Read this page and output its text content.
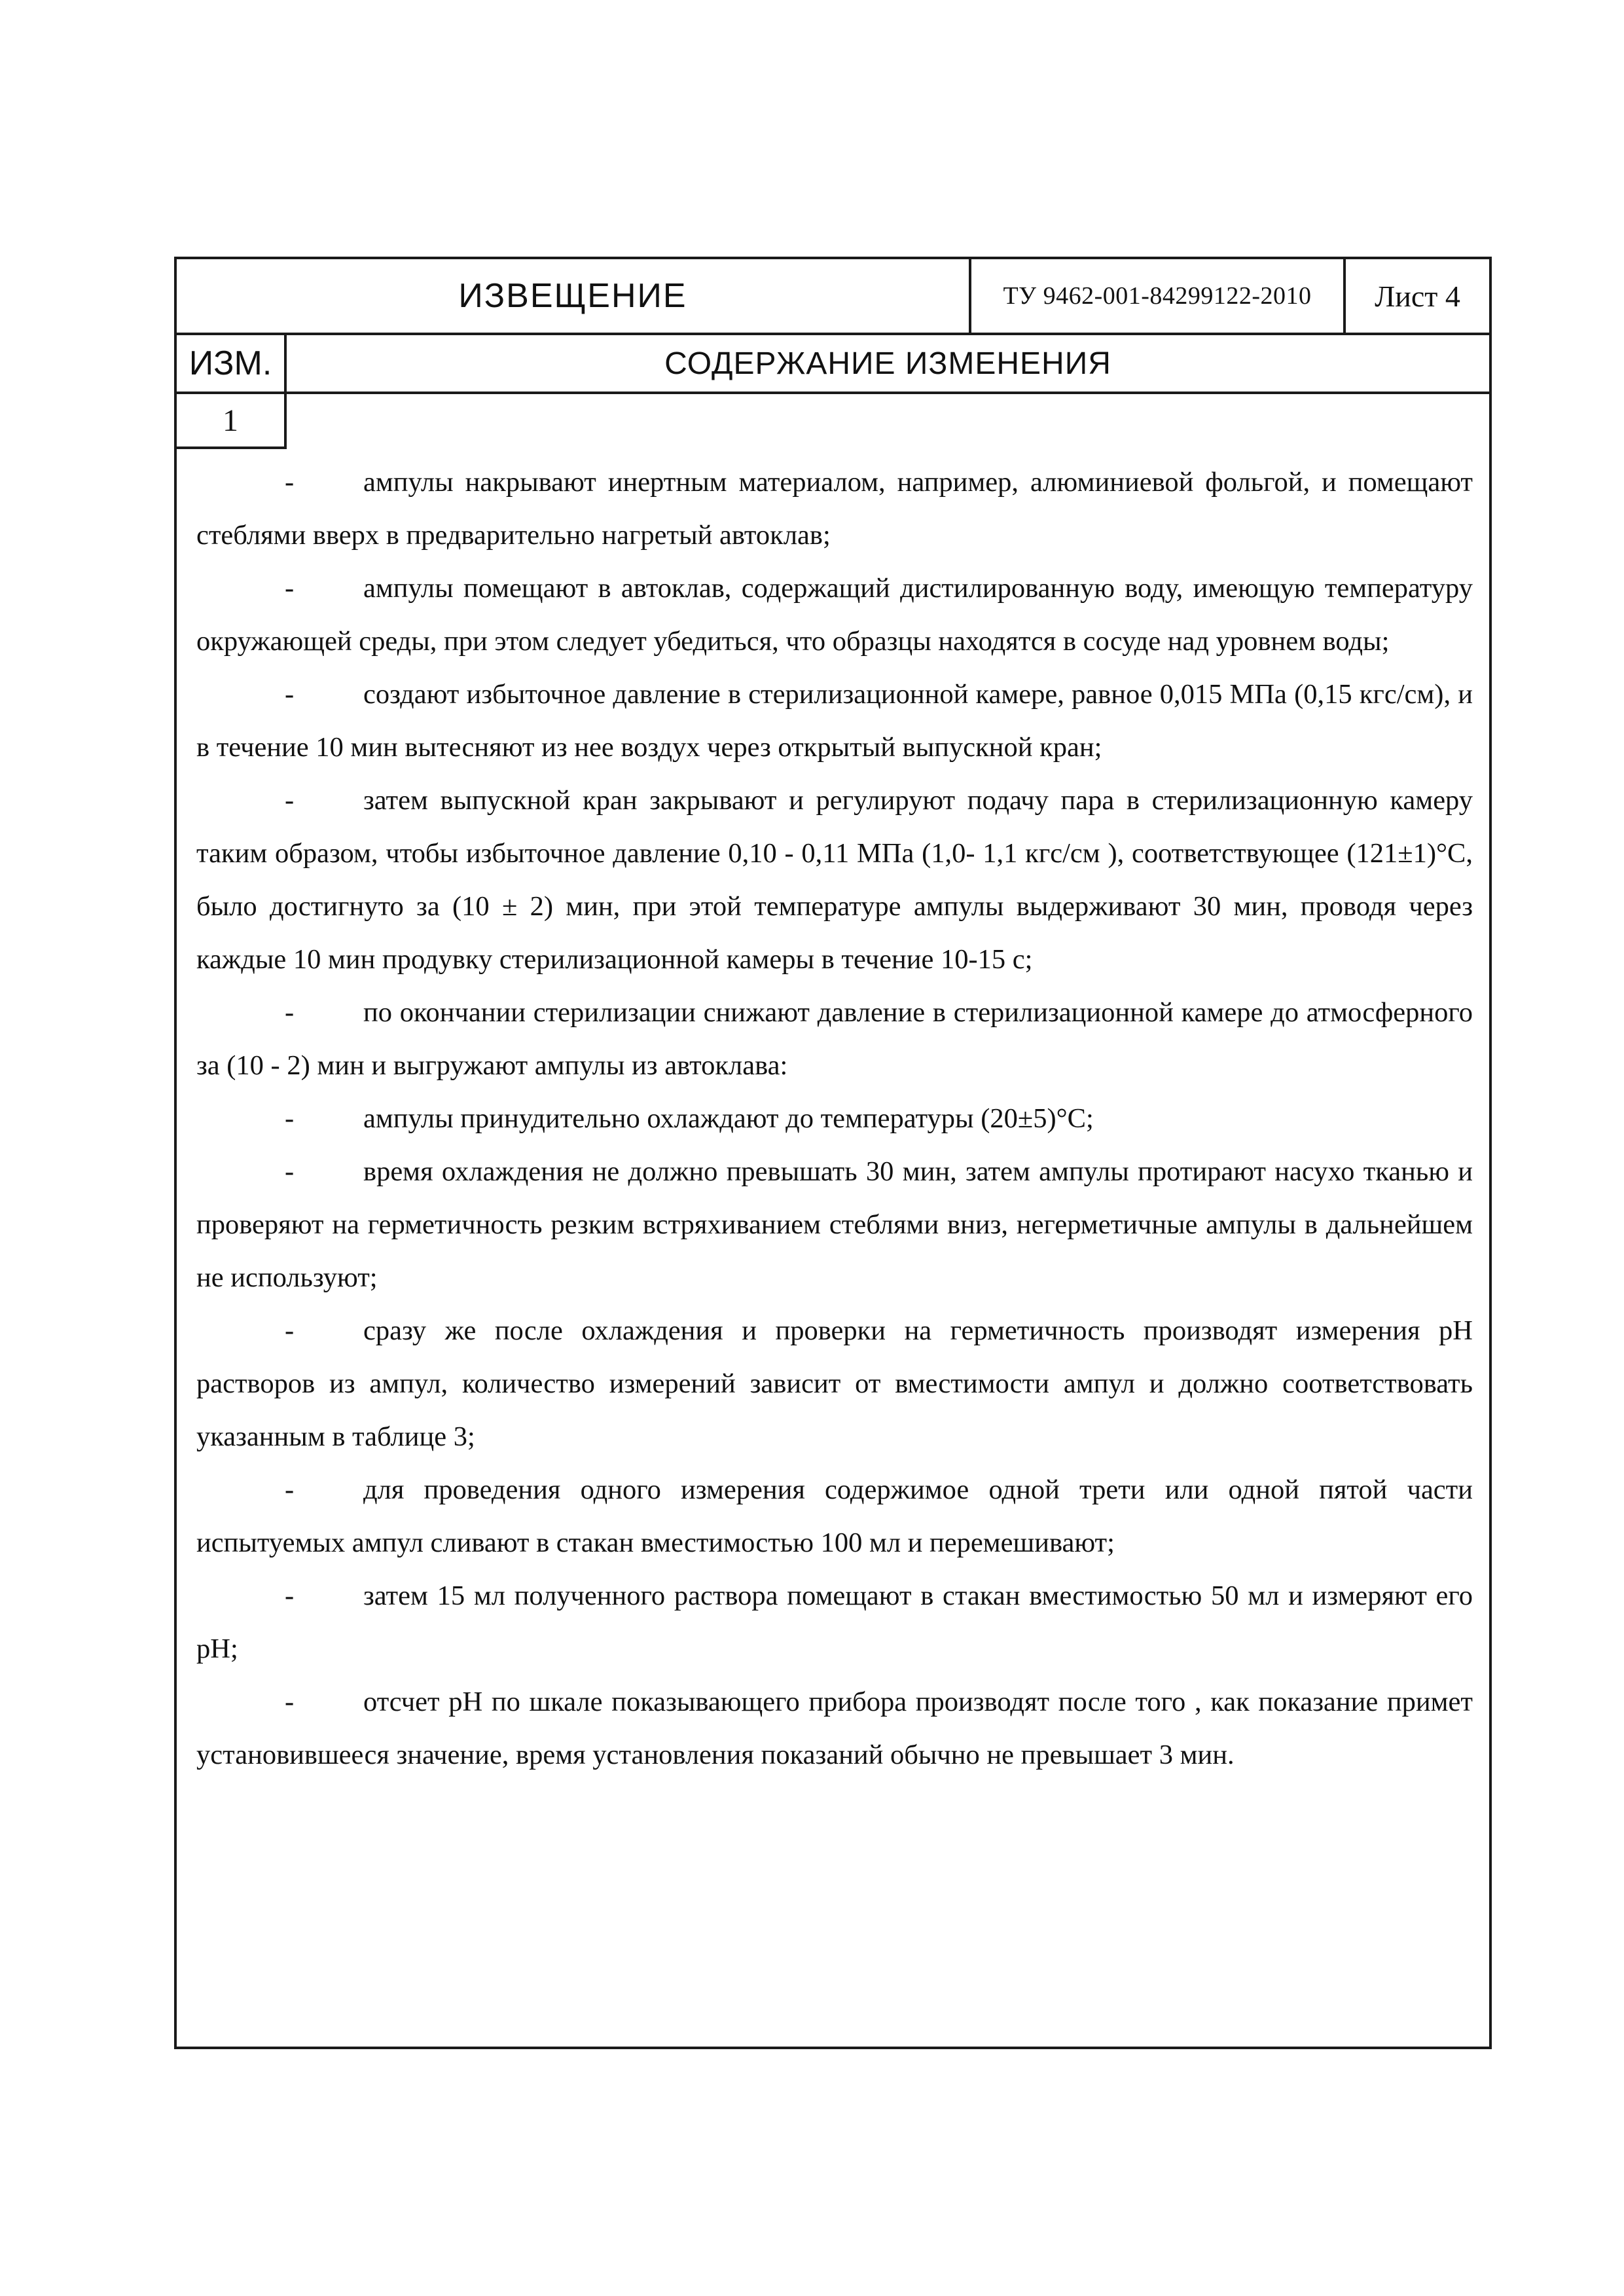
ИЗВЕЩЕНИЕ	ТУ 9462-001-84299122-2010	Лист 4
ИЗМ.	СОДЕРЖАНИЕ ИЗМЕНЕНИЯ
1

- ампулы накрывают инертным материалом, например, алюминиевой фольгой, и помещают стеблями вверх в предварительно нагретый автоклав;

- ампулы помещают в автоклав, содержащий дистилированную воду, имеющую температуру окружающей среды, при этом следует убедиться, что образцы находятся в сосуде над уровнем воды;

- создают избыточное давление в стерилизационной камере, равное 0,015 МПа (0,15 кгс/см), и в течение 10 мин вытесняют из нее воздух через открытый выпускной кран;

- затем выпускной кран закрывают и регулируют подачу пара в стерилизационную камеру таким образом, чтобы избыточное давление 0,10 - 0,11 МПа (1,0- 1,1 кгс/см ), соответствующее (121±1)°С, было достигнуто за (10 ± 2) мин, при этой температуре ампулы выдерживают 30 мин, проводя через каждые 10 мин продувку стерилизационной камеры в течение 10-15 с;

- по окончании стерилизации снижают давление в стерилизационной камере до атмосферного за (10 - 2) мин и выгружают ампулы из автоклава:

- ампулы принудительно охлаждают до температуры (20±5)°С;

- время охлаждения не должно превышать 30 мин, затем ампулы протирают насухо тканью и проверяют на герметичность резким встряхиванием стеблями вниз, негерметичные ампулы в дальнейшем не используют;

- сразу же после охлаждения и проверки на герметичность производят измерения pH растворов из ампул, количество измерений зависит от вместимости ампул и должно соответствовать указанным в таблице 3;

- для проведения одного измерения содержимое одной трети или одной пятой части испытуемых ампул сливают в стакан вместимостью 100 мл и перемешивают;

- затем 15 мл полученного раствора помещают в стакан вместимостью 50 мл и измеряют его pH;

- отсчет pH по шкале показывающего прибора производят после того , как показание примет установившееся значение, время установления показаний обычно не превышает 3 мин.
